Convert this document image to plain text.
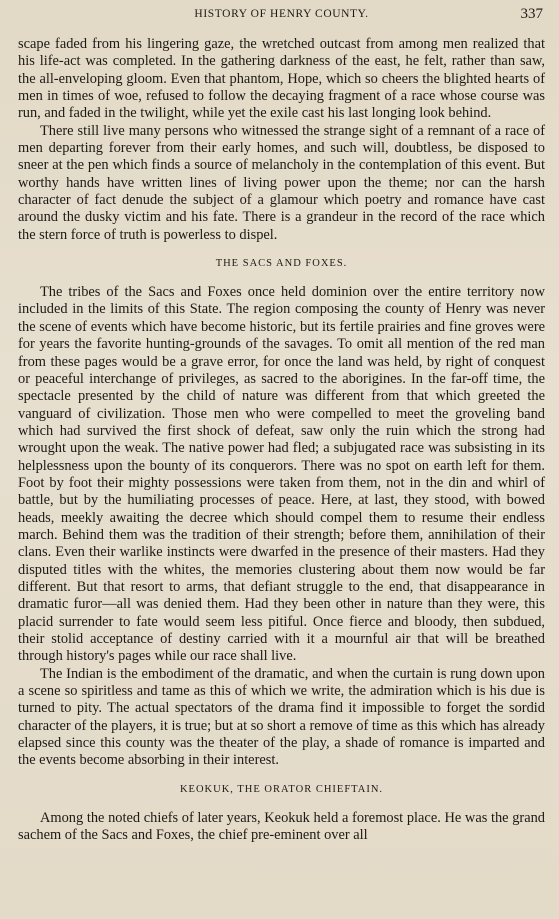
HISTORY OF HENRY COUNTY.	337

scape faded from his lingering gaze, the wretched outcast from among men realized that his life-act was completed. In the gathering darkness of the east, he felt, rather than saw, the all-enveloping gloom. Even that phantom, Hope, which so cheers the blighted hearts of men in times of woe, refused to follow the decaying fragment of a race whose course was run, and faded in the twilight, while yet the exile cast his last longing look behind.

There still live many persons who witnessed the strange sight of a remnant of a race of men departing forever from their early homes, and such will, doubtless, be disposed to sneer at the pen which finds a source of melancholy in the contemplation of this event. But worthy hands have written lines of living power upon the theme; nor can the harsh character of fact denude the subject of a glamour which poetry and romance have cast around the dusky victim and his fate. There is a grandeur in the record of the race which the stern force of truth is powerless to dispel.

THE SACS AND FOXES.

The tribes of the Sacs and Foxes once held dominion over the entire territory now included in the limits of this State. The region composing the county of Henry was never the scene of events which have become historic, but its fertile prairies and fine groves were for years the favorite hunting-grounds of the savages. To omit all mention of the red man from these pages would be a grave error, for once the land was held, by right of conquest or peaceful interchange of privileges, as sacred to the aborigines. In the far-off time, the spectacle presented by the child of nature was different from that which greeted the vanguard of civilization. Those men who were compelled to meet the groveling band which had survived the first shock of defeat, saw only the ruin which the strong had wrought upon the weak. The native power had fled; a subjugated race was subsisting in its helplessness upon the bounty of its conquerors. There was no spot on earth left for them. Foot by foot their mighty possessions were taken from them, not in the din and whirl of battle, but by the humiliating processes of peace. Here, at last, they stood, with bowed heads, meekly awaiting the decree which should compel them to resume their endless march. Behind them was the tradition of their strength; before them, annihilation of their clans. Even their warlike instincts were dwarfed in the presence of their masters. Had they disputed titles with the whites, the memories clustering about them now would be far different. But that resort to arms, that defiant struggle to the end, that disappearance in dramatic furor—all was denied them. Had they been other in nature than they were, this placid surrender to fate would seem less pitiful. Once fierce and bloody, then subdued, their stolid acceptance of destiny carried with it a mournful air that will be breathed through history's pages while our race shall live.

The Indian is the embodiment of the dramatic, and when the curtain is rung down upon a scene so spiritless and tame as this of which we write, the admiration which is his due is turned to pity. The actual spectators of the drama find it impossible to forget the sordid character of the players, it is true; but at so short a remove of time as this which has already elapsed since this county was the theater of the play, a shade of romance is imparted and the events become absorbing in their interest.

KEOKUK, THE ORATOR CHIEFTAIN.

Among the noted chiefs of later years, Keokuk held a foremost place. He was the grand sachem of the Sacs and Foxes, the chief pre-eminent over all
